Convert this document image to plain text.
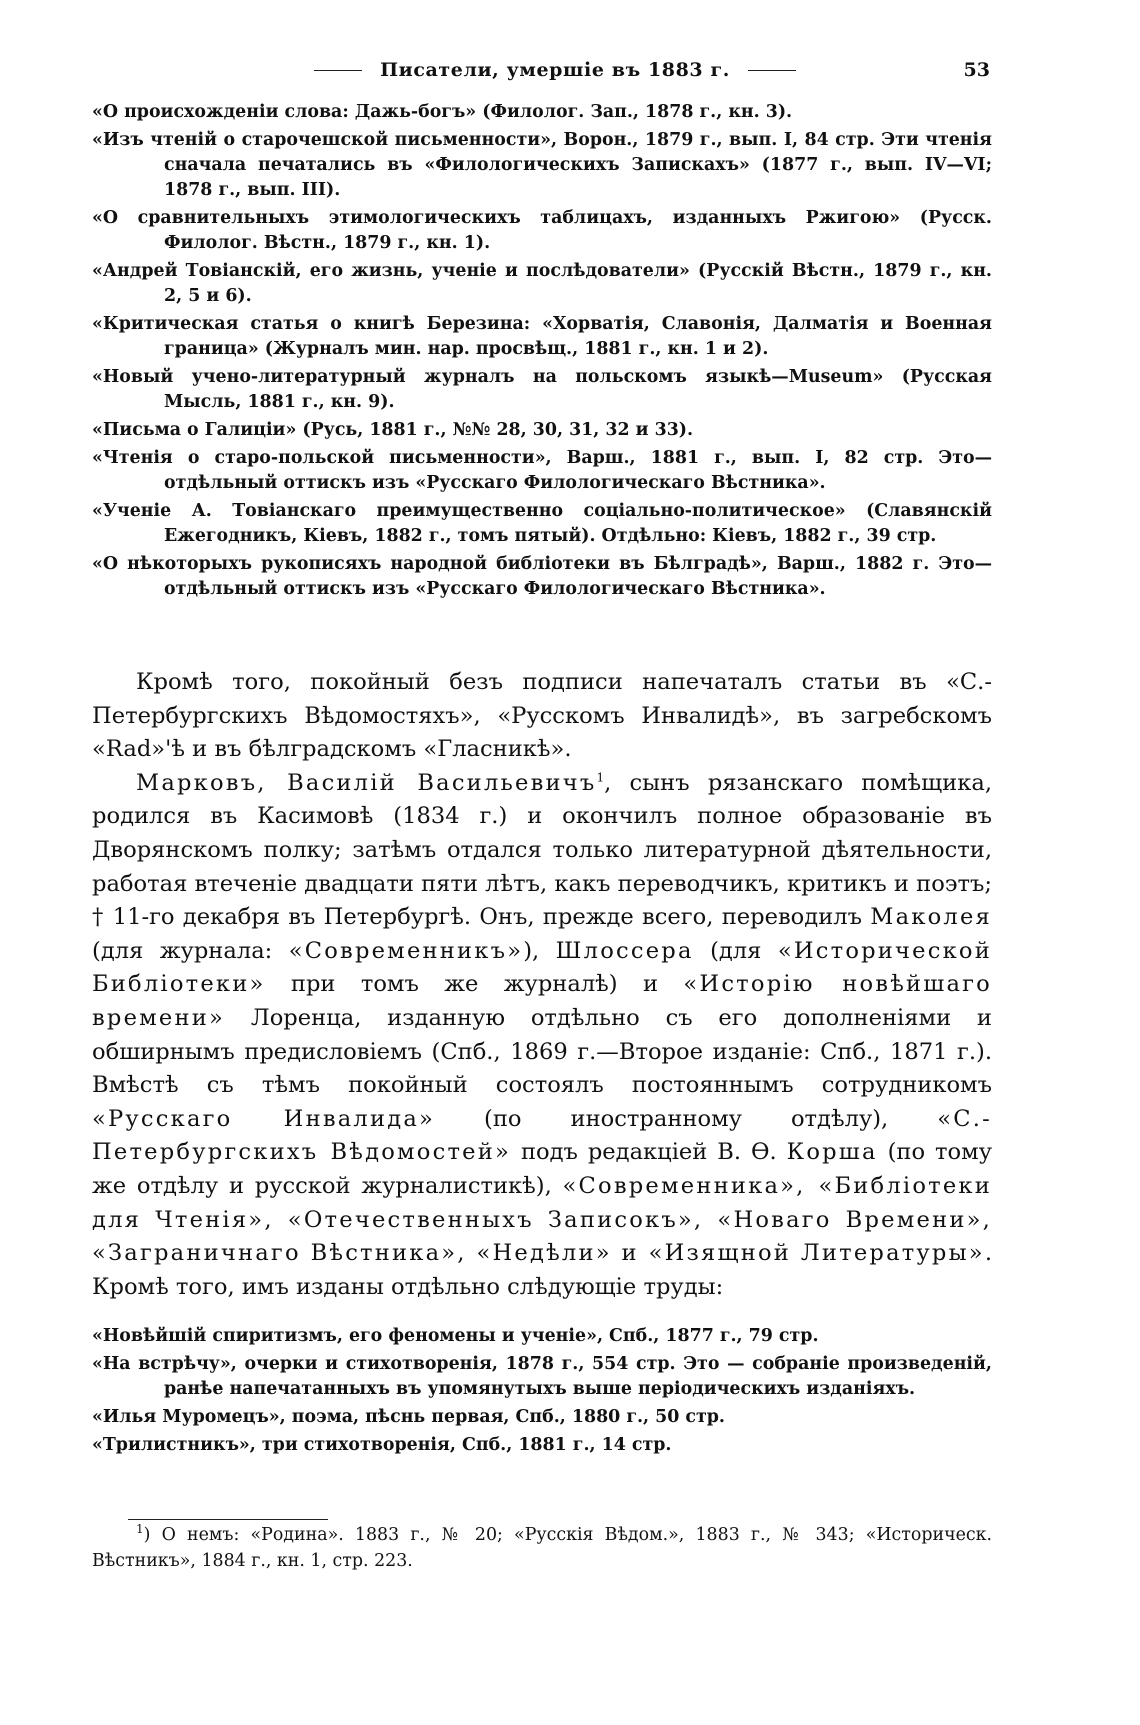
Писатели, умершіе въ 1883 г.	53

«О происхожденіи слова: Дажь-богъ» (Филолог. Зап., 1878 г., кн. 3).

«Изъ чтеній о старочешской письменности», Ворон., 1879 г., вып. I, 84 стр. Эти чтенія сначала печатались въ «Филологическихъ Запискахъ» (1877 г., вып. IV—VI; 1878 г., вып. III).

«О сравнительныхъ этимологическихъ таблицахъ, изданныхъ Ржигою» (Русск. Филолог. Вѣстн., 1879 г., кн. 1).

«Андрей Товіанскій, его жизнь, ученіе и послѣдователи» (Русскій Вѣстн., 1879 г., кн. 2, 5 и 6).

«Критическая статья о книгѣ Березина: «Хорватія, Славонія, Далматія и Военная граница» (Журналъ мин. нар. просвѣщ., 1881 г., кн. 1 и 2).

«Новый учено-литературный журналъ на польскомъ языкѣ—Museum» (Русская Мысль, 1881 г., кн. 9).

«Письма о Галиціи» (Русь, 1881 г., №№ 28, 30, 31, 32 и 33).

«Чтенія о старо-польской письменности», Варш., 1881 г., вып. I, 82 стр. Это—отдѣльный оттискъ изъ «Русскаго Филологическаго Вѣстника».

«Ученіе А. Товіанскаго преимущественно соціально-политическое» (Славянскій Ежегодникъ, Кіевъ, 1882 г., томъ пятый). Отдѣльно: Кіевъ, 1882 г., 39 стр.

«О нѣкоторыхъ рукописяхъ народной библіотеки въ Бѣлградѣ», Варш., 1882 г. Это—отдѣльный оттискъ изъ «Русскаго Филологическаго Вѣстника».

Кромѣ того, покойный безъ подписи напечаталъ статьи въ «С.-Петербургскихъ Вѣдомостяхъ», «Русскомъ Инвалидѣ», въ загребскомъ «Rad»'ѣ и въ бѣлградскомъ «Гласникѣ».

Марковъ, Василій Васильевичъ$^1$, сынъ рязанскаго помѣщика, родился въ Касимовѣ (1834 г.) и окончилъ полное образованіе въ Дворянскомъ полку; затѣмъ отдался только литературной дѣятельности, работая втеченіе двадцати пяти лѣтъ, какъ переводчикъ, критикъ и поэтъ; † 11-го декабря въ Петербургѣ. Онъ, прежде всего, переводилъ Маколея (для журнала: «Современникъ»), Шлоссера (для «Исторической Библіотеки» при томъ же журналѣ) и «Исторію новѣйшаго времени» Лоренца, изданную отдѣльно съ его дополненіями и обширнымъ предисловіемъ (Спб., 1869 г.—Второе изданіе: Спб., 1871 г.). Вмѣстѣ съ тѣмъ покойный состоялъ постояннымъ сотрудникомъ «Русскаго Инвалида» (по иностранному отдѣлу), «С.-Петербургскихъ Вѣдомостей» подъ редакціей В. Ѳ. Корша (по тому же отдѣлу и русской журналистикѣ), «Современника», «Библіотеки для Чтенія», «Отечественныхъ Записокъ», «Новаго Времени», «Заграничнаго Вѣстника», «Недѣли» и «Изящной Литературы». Кромѣ того, имъ изданы отдѣльно слѣдующіе труды:

«Новѣйшій спиритизмъ, его феномены и ученіе», Спб., 1877 г., 79 стр.

«На встрѣчу», очерки и стихотворенія, 1878 г., 554 стр. Это — собраніе произведеній, ранѣе напечатанныхъ въ упомянутыхъ выше періодическихъ изданіяхъ.

«Илья Муромецъ», поэма, пѣснь первая, Спб., 1880 г., 50 стр.

«Трилистникъ», три стихотворенія, Спб., 1881 г., 14 стр.

$^1$) О немъ: «Родина». 1883 г., № 20; «Русскія Вѣдом.», 1883 г., № 343; «Историческ. Вѣстникъ», 1884 г., кн. 1, стр. 223.
